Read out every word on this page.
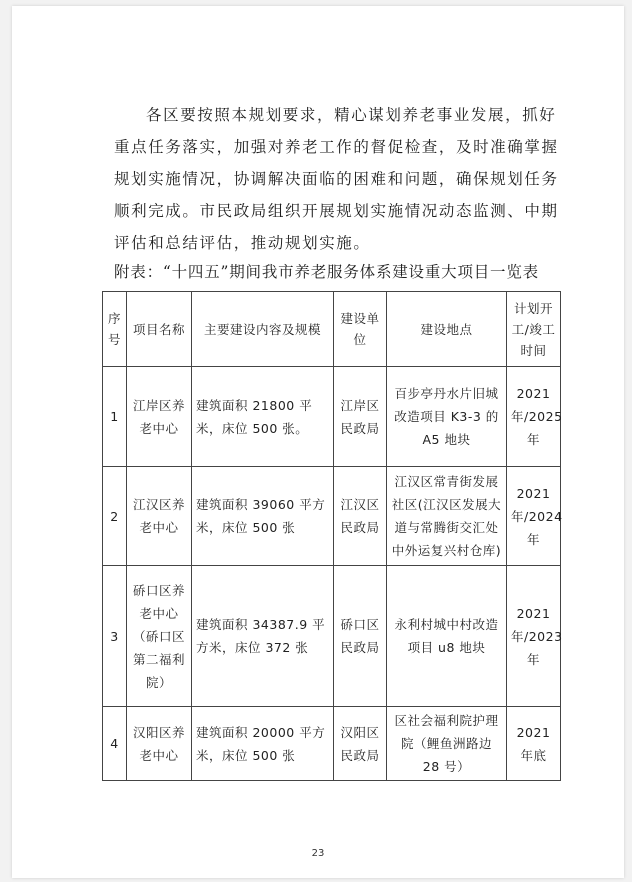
各区要按照本规划要求，精心谋划养老事业发展，抓好重点任务落实，加强对养老工作的督促检查，及时准确掌握规划实施情况，协调解决面临的困难和问题，确保规划任务顺利完成。市民政局组织开展规划实施情况动态监测、中期评估和总结评估，推动规划实施。

附表：“十四五”期间我市养老服务体系建设重大项目一览表

序号	项目名称	主要建设内容及规模	建设单位	建设地点	计划开工/竣工时间
1	江岸区养老中心	建筑面积 21800 平米，床位 500 张。	江岸区民政局	百步亭丹水片旧城改造项目 K3-3 的 A5 地块	2021年/2025年
2	江汉区养老中心	建筑面积 39060 平方米，床位 500 张	江汉区民政局	江汉区常青街发展社区(江汉区发展大道与常腾街交汇处中外运复兴村仓库)	2021年/2024年
3	硚口区养老中心（硚口区第二福利院）	建筑面积 34387.9 平方米，床位 372 张	硚口区民政局	永利村城中村改造项目 u8 地块	2021年/2023年
4	汉阳区养老中心	建筑面积 20000 平方米，床位 500 张	汉阳区民政局	区社会福利院护理院（鲤鱼洲路边 28 号）	2021年底
23
